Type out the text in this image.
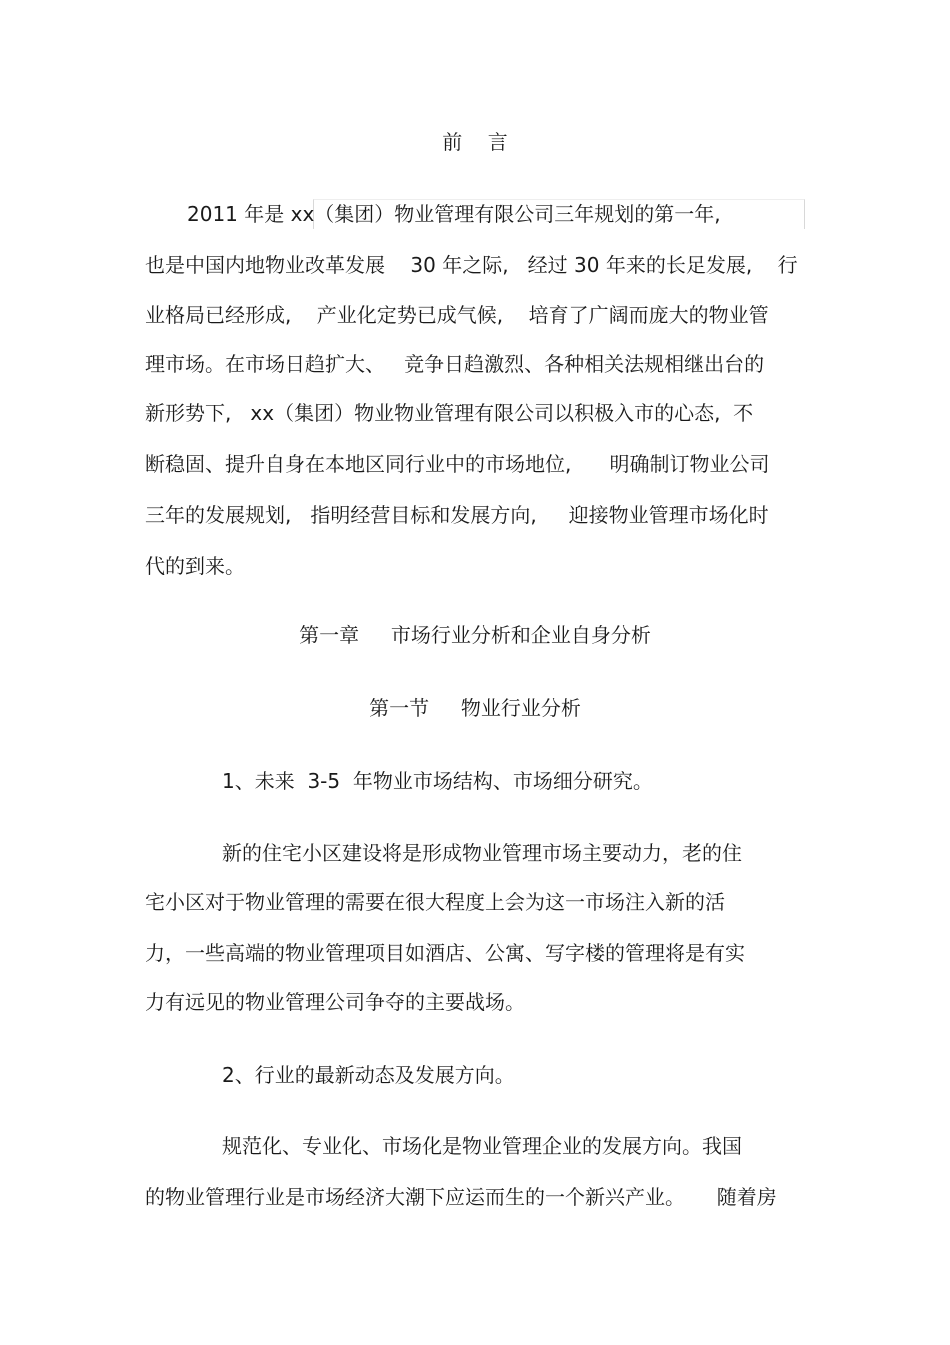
前    言
2011 年是 xx（集团）物业管理有限公司三年规划的第一年,
也是中国内地物业改革发展    30 年之际,   经过 30 年来的长足发展,    行
业格局已经形成,    产业化定势已成气候,    培育了广阔而庞大的物业管
理市场。在市场日趋扩大、   竞争日趋激烈、各种相关法规相继出台的
新形势下,   xx（集团）物业物业管理有限公司以积极入市的心态,  不
断稳固、提升自身在本地区同行业中的市场地位,      明确制订物业公司
三年的发展规划,   指明经营目标和发展方向,     迎接物业管理市场化时
代的到来。
第一章     市场行业分析和企业自身分析
第一节     物业行业分析
1、未来  3-5  年物业市场结构、市场细分研究。
新的住宅小区建设将是形成物业管理市场主要动力，老的住
宅小区对于物业管理的需要在很大程度上会为这一市场注入新的活
力，一些高端的物业管理项目如酒店、公寓、写字楼的管理将是有实
力有远见的物业管理公司争夺的主要战场。
2、行业的最新动态及发展方向。
规范化、专业化、市场化是物业管理企业的发展方向。我国
的物业管理行业是市场经济大潮下应运而生的一个新兴产业。     随着房
